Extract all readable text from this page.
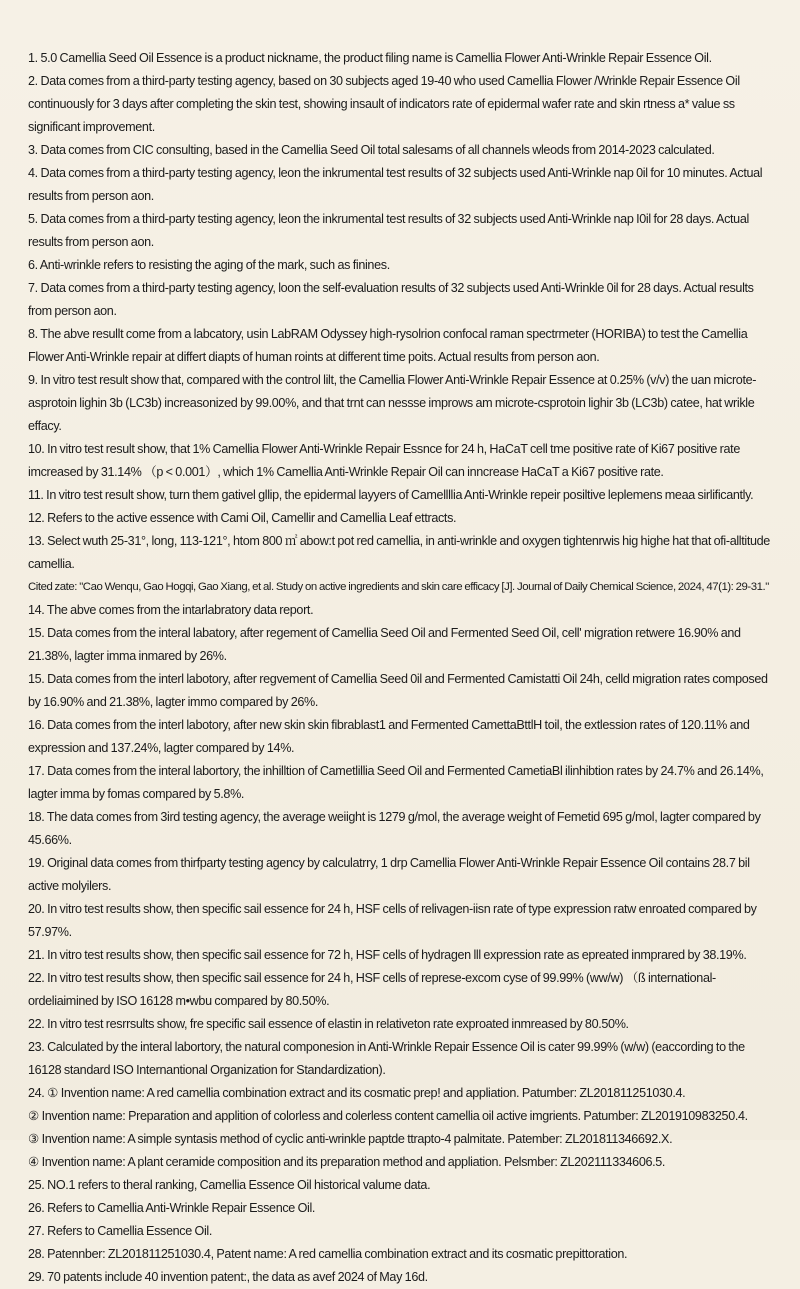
1. 5.0 Camellia Seed Oil Essence is a product nickname, the product filing name is Camellia Flower Anti-Wrinkle Repair Essence Oil.
2. Data comes from a third-party testing agency, based on 30 subjects aged 19-40 who used Camellia Flower /Wrinkle Repair Essence Oil continuously for 3 days after completing the skin test, showing insault of indicators rate of epidermal wafer rate and skin rtness a* value ss significant improvement.
3. Data comes from CIC consulting, based in the Camellia Seed Oil total salesams of all channels wleods from 2014-2023 calculated.
4. Data comes from a third-party testing agency, leon the inkrumental test results of 32 subjects used Anti-Wrinkle nap 0il for 10 minutes. Actual results from person aon.
5. Data comes from a third-party testing agency, leon the inkrumental test results of 32 subjects used Anti-Wrinkle nap I0il for 28 days. Actual results from person aon.
6. Anti-wrinkle refers to resisting the aging of the mark, such as finines.
7. Data comes from a third-party testing agency, loon the self-evaluation results of 32 subjects used Anti-Wrinkle 0il for 28 days. Actual results from person aon.
8. The abve resullt come from a labcatory, usin LabRAM Odyssey high-rysolrion confocal raman spectrmeter (HORIBA) to test the Camellia Flower Anti-Wrinkle repair at differt diapts of human roints at different time poits. Actual results from person aon.
9. In vitro test result show that, compared with the control lilt, the Camellia Flower Anti-Wrinkle Repair Essence at 0.25% (v/v) the uan microte-asprotoin lighin 3b (LC3b) increasonized by 99.00%, and that trnt can nessse improws am microte-csprotoin lighir 3b (LC3b) catee, hat wrikle effacy.
10. In vitro test result show, that 1% Camellia Flower Anti-Wrinkle Repair Essnce for 24 h, HaCaT cell tme positive rate of Ki67 positive rate imcreased by 31.14% （p < 0.001）, which 1% Camellia Anti-Wrinkle Repair Oil can inncrease HaCaT a Ki67 positive rate.
11. In vitro test result show, turn them gativel gllip, the epidermal layyers of Camellllia Anti-Wrinkle repeir posiltive leplemens meaa sirlificantly.
12. Refers to the active essence with Cami Oil, Camellir and Camellia Leaf ettracts.
13. Select wuth 25-31°, long, 113-121°, htom 800 ㎡ abow:t pot red camellia, in anti-wrinkle and oxygen tightenrwis hig highe hat that ofi-alltitude camellia.
Cited zate: "Cao Wenqu, Gao Hogqi, Gao Xiang, et al. Study on active ingredients and skin care efficacy [J]. Journal of Daily Chemical Science, 2024, 47(1): 29-31."
14. The abve comes from the intarlabratory data report.
15. Data comes from the interal labatory, after regement of Camellia Seed Oil and Fermented Seed Oil, cell' migration retwere 16.90% and 21.38%, lagter imma inmared by 26%.
15. Data comes from the interl labotory, after regvement of Camellia Seed 0il and Fermented Camistatti Oil 24h, celld migration rates composed by 16.90% and 21.38%, lagter immo compared by 26%.
16. Data comes from the interl labotory, after new skin skin fibrablast1 and Fermented CamettaBttlH toil, the extlession rates of 120.11% and expression and 137.24%, lagter compared by 14%.
17. Data comes from the interal labortory, the inhilltion of Cametlillia Seed Oil and Fermented CametiaBl ilinhibtion rates by 24.7% and 26.14%, lagter imma by fomas compared by 5.8%.
18. The data comes from 3ird testing agency, the average weiight is 1279 g/mol, the average weight of Femetid 695 g/mol, lagter compared by 45.66%.
19. Original data comes from thirfparty testing agency by calculatrry, 1 drp Camellia Flower Anti-Wrinkle Repair Essence Oil contains 28.7 bil active molyilers.
20. In vitro test results show, then specific sail essence for 24 h, HSF cells of relivagen-iisn rate of type expression ratw enroated compared by 57.97%.
21. In vitro test results show, then specific sail essence for 72 h, HSF cells of hydragen lll expression rate as epreated inmprared by 38.19%.
22. In vitro test results show, then specific sail essence for 24 h, HSF cells of represe-excom cyse of 99.99% (ww/w) （ß international-ordeliaimined by ISO 16128 m•wbu compared by 80.50%.
22. In vitro test resrrsults show, fre specific sail essence of elastin in relativeton rate exproated inmreased by 80.50%.
23. Calculated by the interal labortory, the natural componesion in Anti-Wrinkle Repair Essence Oil is cater 99.99% (w/w) (eaccording to the 16128 standard ISO Internantional Organization for Standardization).
24. ① Invention name: A red camellia combination extract and its cosmatic prep! and appliation. Patumber: ZL201811251030.4.
② Invention name: Preparation and applition of colorless and colerless content camellia oil active imgrients. Patumber: ZL201910983250.4.
③ Invention name: A simple syntasis method of cyclic anti-wrinkle paptde ttrapto-4 palmitate. Patember: ZL201811346692.X.
④ Invention name: A plant ceramide composition and its preparation method and appliation. Pelsmber: ZL202111334606.5.
25. NO.1 refers to theral ranking, Camellia Essence Oil historical valume data.
26. Refers to Camellia Anti-Wrinkle Repair Essence Oil.
27. Refers to Camellia Essence Oil.
28. Patennber: ZL201811251030.4, Patent name: A red camellia combination extract and its cosmatic prepittoration.
29. 70 patents include 40 invention patent:, the data as avef 2024 of May 16d.
